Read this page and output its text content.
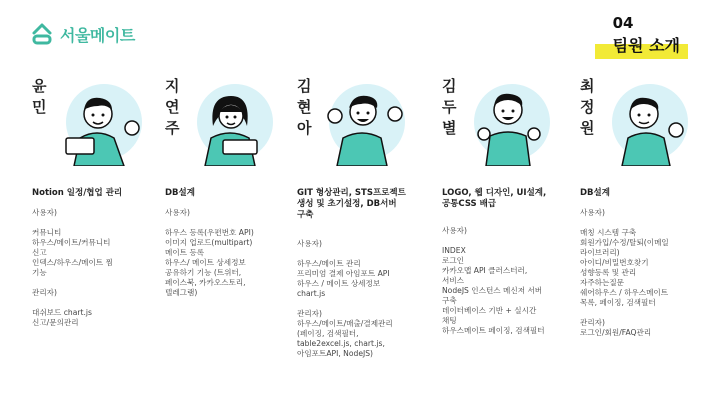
서울메이트
04
팀원 소개
윤민
Notion 일정/협업 관리
사용자)

커뮤니티
하우스/메이트/커뮤니티
신고
인덱스/하우스/메이트 찜
기능

관리자)

대쉬보드 chart.js
신고/문의관리
지연주
DB설계
사용자)

하우스 등록(우편번호 API)
이미지 업로드(multipart)
메이트 등록
하우스/ 메이트 상세정보
공유하기 기능 (트위터,
페이스북, 카카오스토리,
텔레그램)
김현아
GIT 형상관리, STS프로젝트
생성 및 초기설정, DB서버
구축
사용자)

하우스/메이트 관리
프리미엄 결제 아임포트 API
하우스 / 메이트 상세정보
chart.js

관리자)
하우스/메이트/매출/결제관리
(페이징, 검색필터,
table2excel.js, chart.js,
아임포트API, NodeJS)
김두별
LOGO, 웹 디자인, UI설계,
공통CSS 배급
사용자)

INDEX
로그인
카카오맵 API 클러스터러,
서비스
NodeJS 인스턴스 메신저 서버
구축
데이터베이스 기반 + 실시간
채팅
하우스메이트 페이징, 검색필터
최정원
DB설계
사용자)

매칭 시스템 구축
회원가입/수정/탈퇴(이메일
라이브러리)
아이디/비밀번호찾기
성향등록 및 관리
자주하는질문
쉐어하우스 / 하우스메이트
목록, 페이징, 검색필터

관리자)
로그인/회원/FAQ관리
